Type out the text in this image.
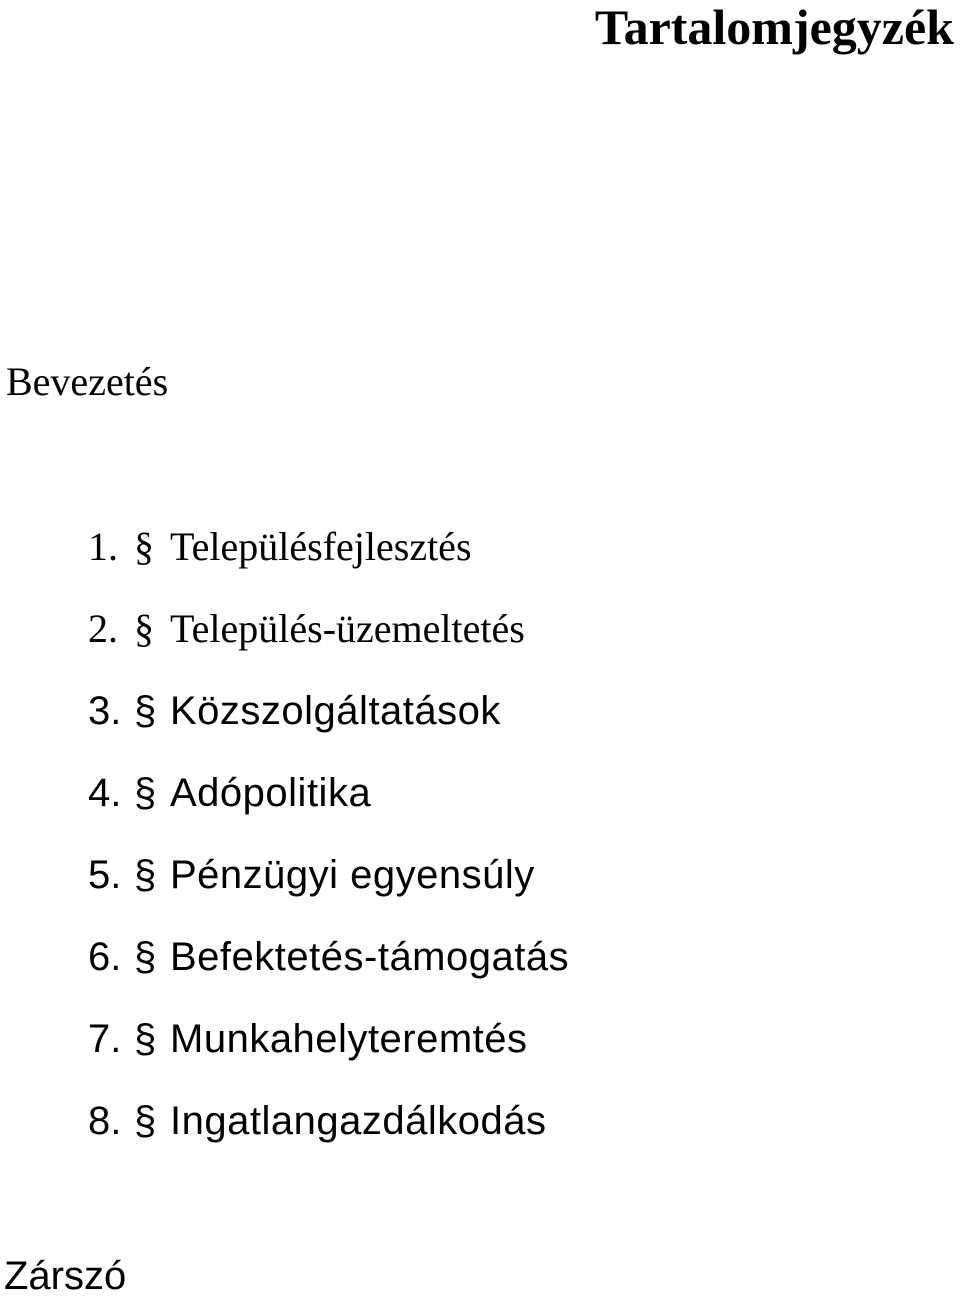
Tartalomjegyzék
Bevezetés
1. § Településfejlesztés
2. § Település-üzemeltetés
3. § Közszolgáltatások
4. § Adópolitika
5. § Pénzügyi egyensúly
6. § Befektetés-támogatás
7. § Munkahelyteremtés
8. § Ingatlangazdálkodás
Zárszó
